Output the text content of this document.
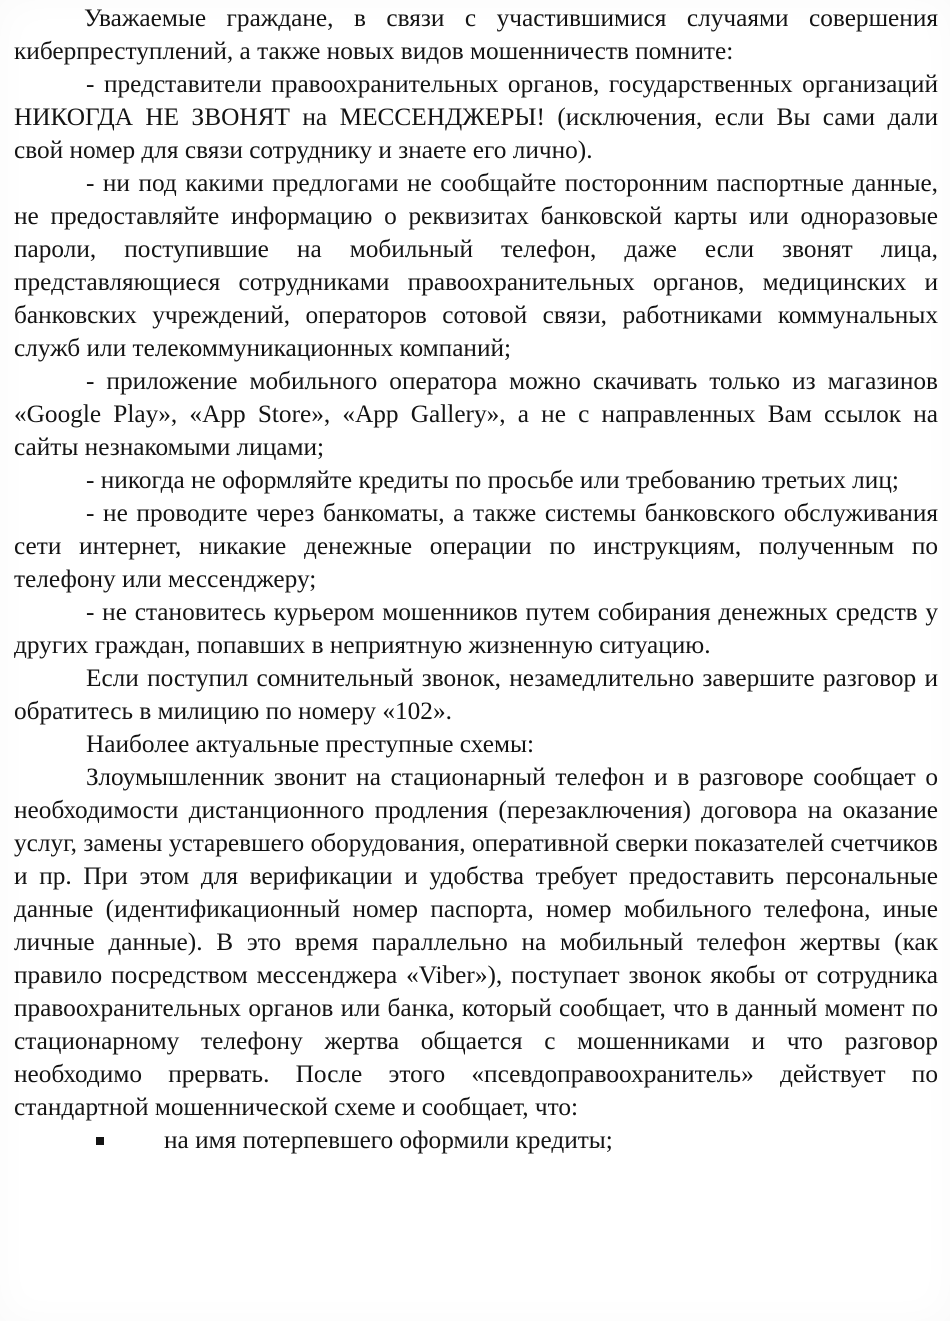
Уважаемые граждане, в связи с участившимися случаями совершения киберпреступлений, а также новых видов мошенничеств помните:

- представители правоохранительных органов, государственных организаций НИКОГДА НЕ ЗВОНЯТ на МЕССЕНДЖЕРЫ! (исключения, если Вы сами дали свой номер для связи сотруднику и знаете его лично).

- ни под какими предлогами не сообщайте посторонним паспортные данные, не предоставляйте информацию о реквизитах банковской карты или одноразовые пароли, поступившие на мобильный телефон, даже если звонят лица, представляющиеся сотрудниками правоохранительных органов, медицинских и банковских учреждений, операторов сотовой связи, работниками коммунальных служб или телекоммуникационных компаний;

- приложение мобильного оператора можно скачивать только из магазинов «Google Play», «App Store», «App Gallery», а не с направленных Вам ссылок на сайты незнакомыми лицами;

- никогда не оформляйте кредиты по просьбе или требованию третьих лиц;

- не проводите через банкоматы, а также системы банковского обслуживания сети интернет, никакие денежные операции по инструкциям, полученным по телефону или мессенджеру;

- не становитесь курьером мошенников путем собирания денежных средств у других граждан, попавших в неприятную жизненную ситуацию.

Если поступил сомнительный звонок, незамедлительно завершите разговор и обратитесь в милицию по номеру «102».

Наиболее актуальные преступные схемы:

Злоумышленник звонит на стационарный телефон и в разговоре сообщает о необходимости дистанционного продления (перезаключения) договора на оказание услуг, замены устаревшего оборудования, оперативной сверки показателей счетчиков и пр. При этом для верификации и удобства требует предоставить персональные данные (идентификационный номер паспорта, номер мобильного телефона, иные личные данные). В это время параллельно на мобильный телефон жертвы (как правило посредством мессенджера «Viber»), поступает звонок якобы от сотрудника правоохранительных органов или банка, который сообщает, что в данный момент по стационарному телефону жертва общается с мошенниками и что разговор необходимо прервать. После этого «псевдоправоохранитель» действует по стандартной мошеннической схеме и сообщает, что:

на имя потерпевшего оформили кредиты;
